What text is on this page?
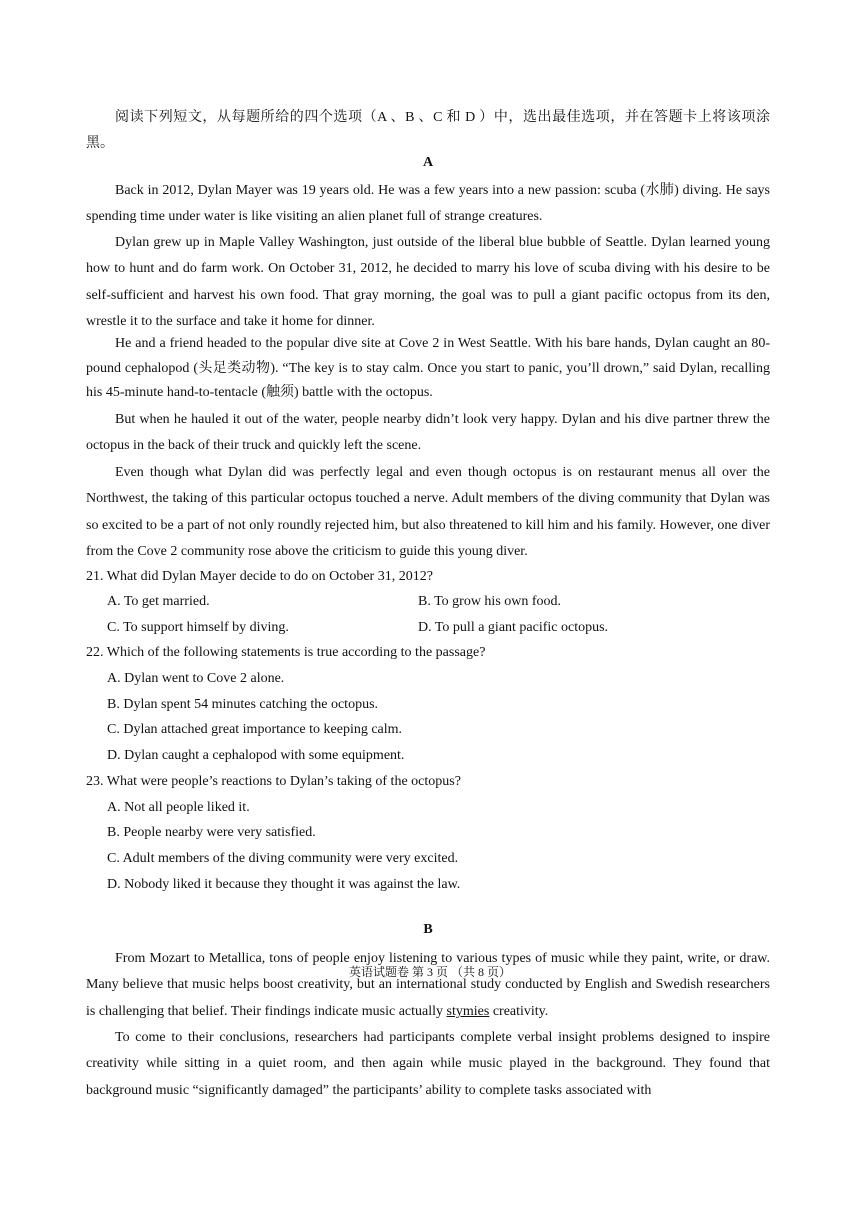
阅读下列短文，从每题所给的四个选项（A 、B 、C 和 D ）中，选出最佳选项，并在答题卡上将该项涂黑。

A

Back in 2012, Dylan Mayer was 19 years old. He was a few years into a new passion: scuba (水肺) diving. He says spending time under water is like visiting an alien planet full of strange creatures.

Dylan grew up in Maple Valley Washington, just outside of the liberal blue bubble of Seattle. Dylan learned young how to hunt and do farm work. On October 31, 2012, he decided to marry his love of scuba diving with his desire to be self-sufficient and harvest his own food. That gray morning, the goal was to pull a giant pacific octopus from its den, wrestle it to the surface and take it home for dinner.

He and a friend headed to the popular dive site at Cove 2 in West Seattle. With his bare hands, Dylan caught an 80-pound cephalopod (头足类动物). “The key is to stay calm. Once you start to panic, you’ll drown,” said Dylan, recalling his 45-minute hand-to-tentacle (触须) battle with the octopus.

But when he hauled it out of the water, people nearby didn’t look very happy. Dylan and his dive partner threw the octopus in the back of their truck and quickly left the scene.

Even though what Dylan did was perfectly legal and even though octopus is on restaurant menus all over the Northwest, the taking of this particular octopus touched a nerve. Adult members of the diving community that Dylan was so excited to be a part of not only roundly rejected him, but also threatened to kill him and his family. However, one diver from the Cove 2 community rose above the criticism to guide this young diver.

21. What did Dylan Mayer decide to do on October 31, 2012?
A. To get married.	B. To grow his own food.
C. To support himself by diving.	D. To pull a giant pacific octopus.
22. Which of the following statements is true according to the passage?
A. Dylan went to Cove 2 alone.
B. Dylan spent 54 minutes catching the octopus.
C. Dylan attached great importance to keeping calm.
D. Dylan caught a cephalopod with some equipment.
23. What were people’s reactions to Dylan’s taking of the octopus?
A. Not all people liked it.
B. People nearby were very satisfied.
C. Adult members of the diving community were very excited.
D. Nobody liked it because they thought it was against the law.
B

From Mozart to Metallica, tons of people enjoy listening to various types of music while they paint, write, or draw. Many believe that music helps boost creativity, but an international study conducted by English and Swedish researchers is challenging that belief. Their findings indicate music actually stymies creativity.

To come to their conclusions, researchers had participants complete verbal insight problems designed to inspire creativity while sitting in a quiet room, and then again while music played in the background. They found that background music “significantly damaged” the participants’ ability to complete tasks associated with

英语试题卷 第 3 页 （共 8 页）
